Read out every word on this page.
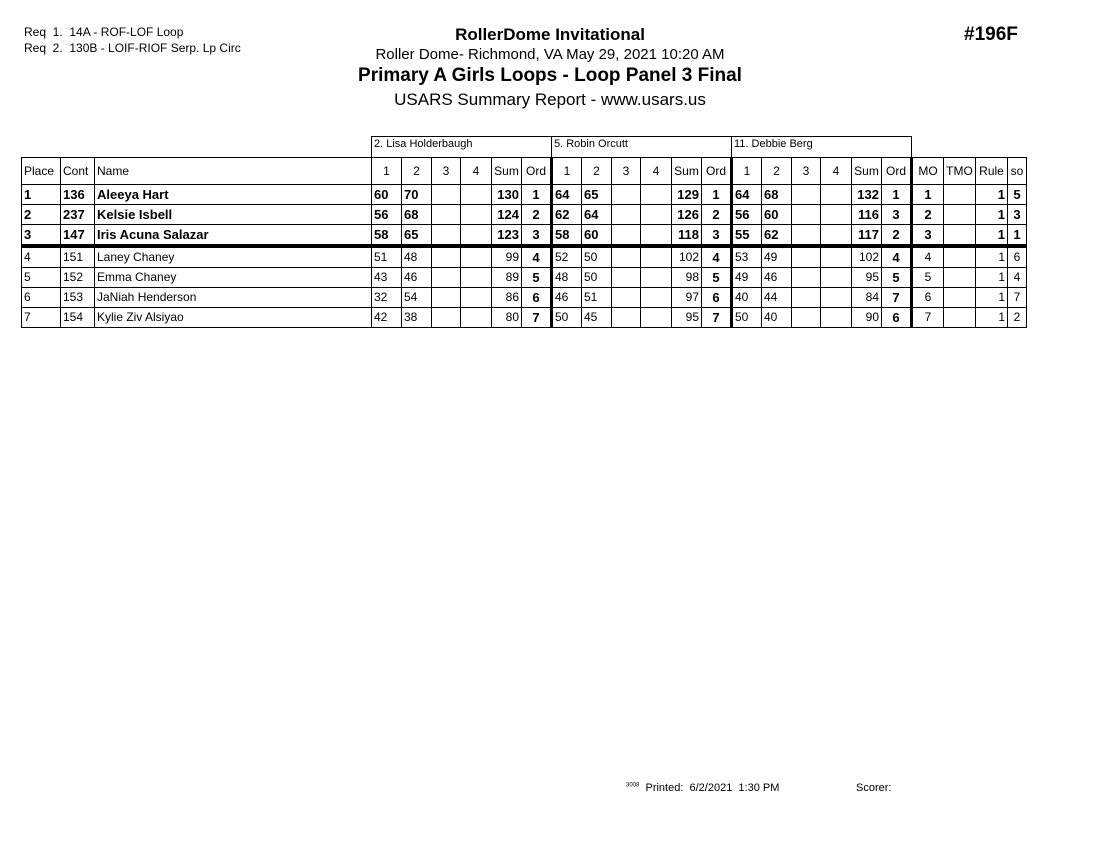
Req  1.  14A - ROF-LOF Loop
Req  2.  130B - LOIF-RIOF Serp. Lp Circ
RollerDome Invitational
Roller Dome- Richmond, VA May 29, 2021 10:20 AM
Primary A Girls Loops - Loop Panel 3 Final
USARS Summary Report - www.usars.us
#196F
			2. Lisa Holderbaugh						5. Robin Orcutt						11. Debbie Berg									
Place	Cont	Name	1	2	3	4	Sum	Ord	1	2	3	4	Sum	Ord	1	2	3	4	Sum	Ord	MO	TMO	Rule	so
1	136	Aleeya Hart	60	70			130	1	64	65			129	1	64	68			132	1	1		1	5
2	237	Kelsie Isbell	56	68			124	2	62	64			126	2	56	60			116	3	2		1	3
3	147	Iris Acuna Salazar	58	65			123	3	58	60			118	3	55	62			117	2	3		1	1
4	151	Laney Chaney	51	48			99	4	52	50			102	4	53	49			102	4	4		1	6
5	152	Emma Chaney	43	46			89	5	48	50			98	5	49	46			95	5	5		1	4
6	153	JaNiah Henderson	32	54			86	6	46	51			97	6	40	44			84	7	6		1	7
7	154	Kylie Ziv Alsiyao	42	38			80	7	50	45			95	7	50	40			90	6	7		1	2
$^{3008}$ Printed:  6/2/2021  1:30 PM	Scorer:
